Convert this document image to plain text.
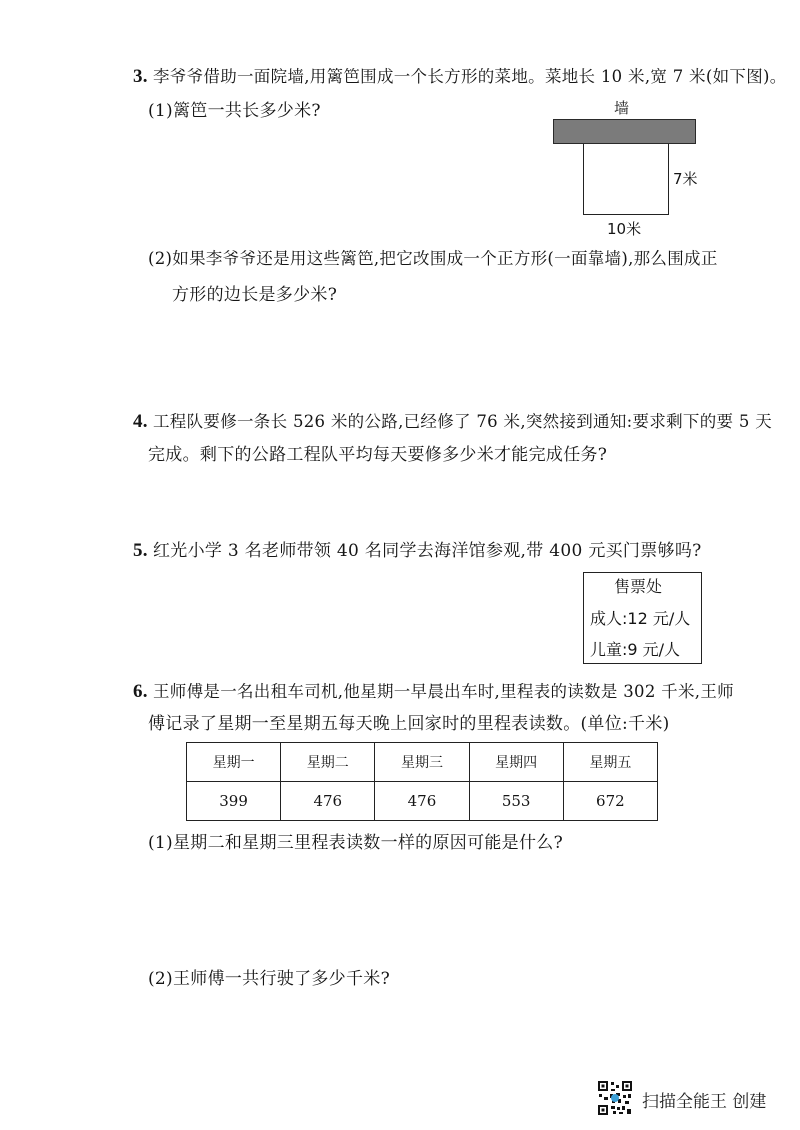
3. 李爷爷借助一面院墙,用篱笆围成一个长方形的菜地。菜地长 10 米,宽 7 米(如下图)。
(1)篱笆一共长多少米?	墙
7米
10米
(2)如果李爷爷还是用这些篱笆,把它改围成一个正方形(一面靠墙),那么围成正
方形的边长是多少米?
4. 工程队要修一条长 526 米的公路,已经修了 76 米,突然接到通知:要求剩下的要 5 天
完成。剩下的公路工程队平均每天要修多少米才能完成任务?
5. 红光小学 3 名老师带领 40 名同学去海洋馆参观,带 400 元买门票够吗?
售票处
成人:12 元/人
儿童:9 元/人
6. 王师傅是一名出租车司机,他星期一早晨出车时,里程表的读数是 302 千米,王师
傅记录了星期一至星期五每天晚上回家时的里程表读数。(单位:千米)
星期一	星期二	星期三	星期四	星期五
399	476	476	553	672
(1)星期二和星期三里程表读数一样的原因可能是什么?
(2)王师傅一共行驶了多少千米?
扫描全能王 创建
